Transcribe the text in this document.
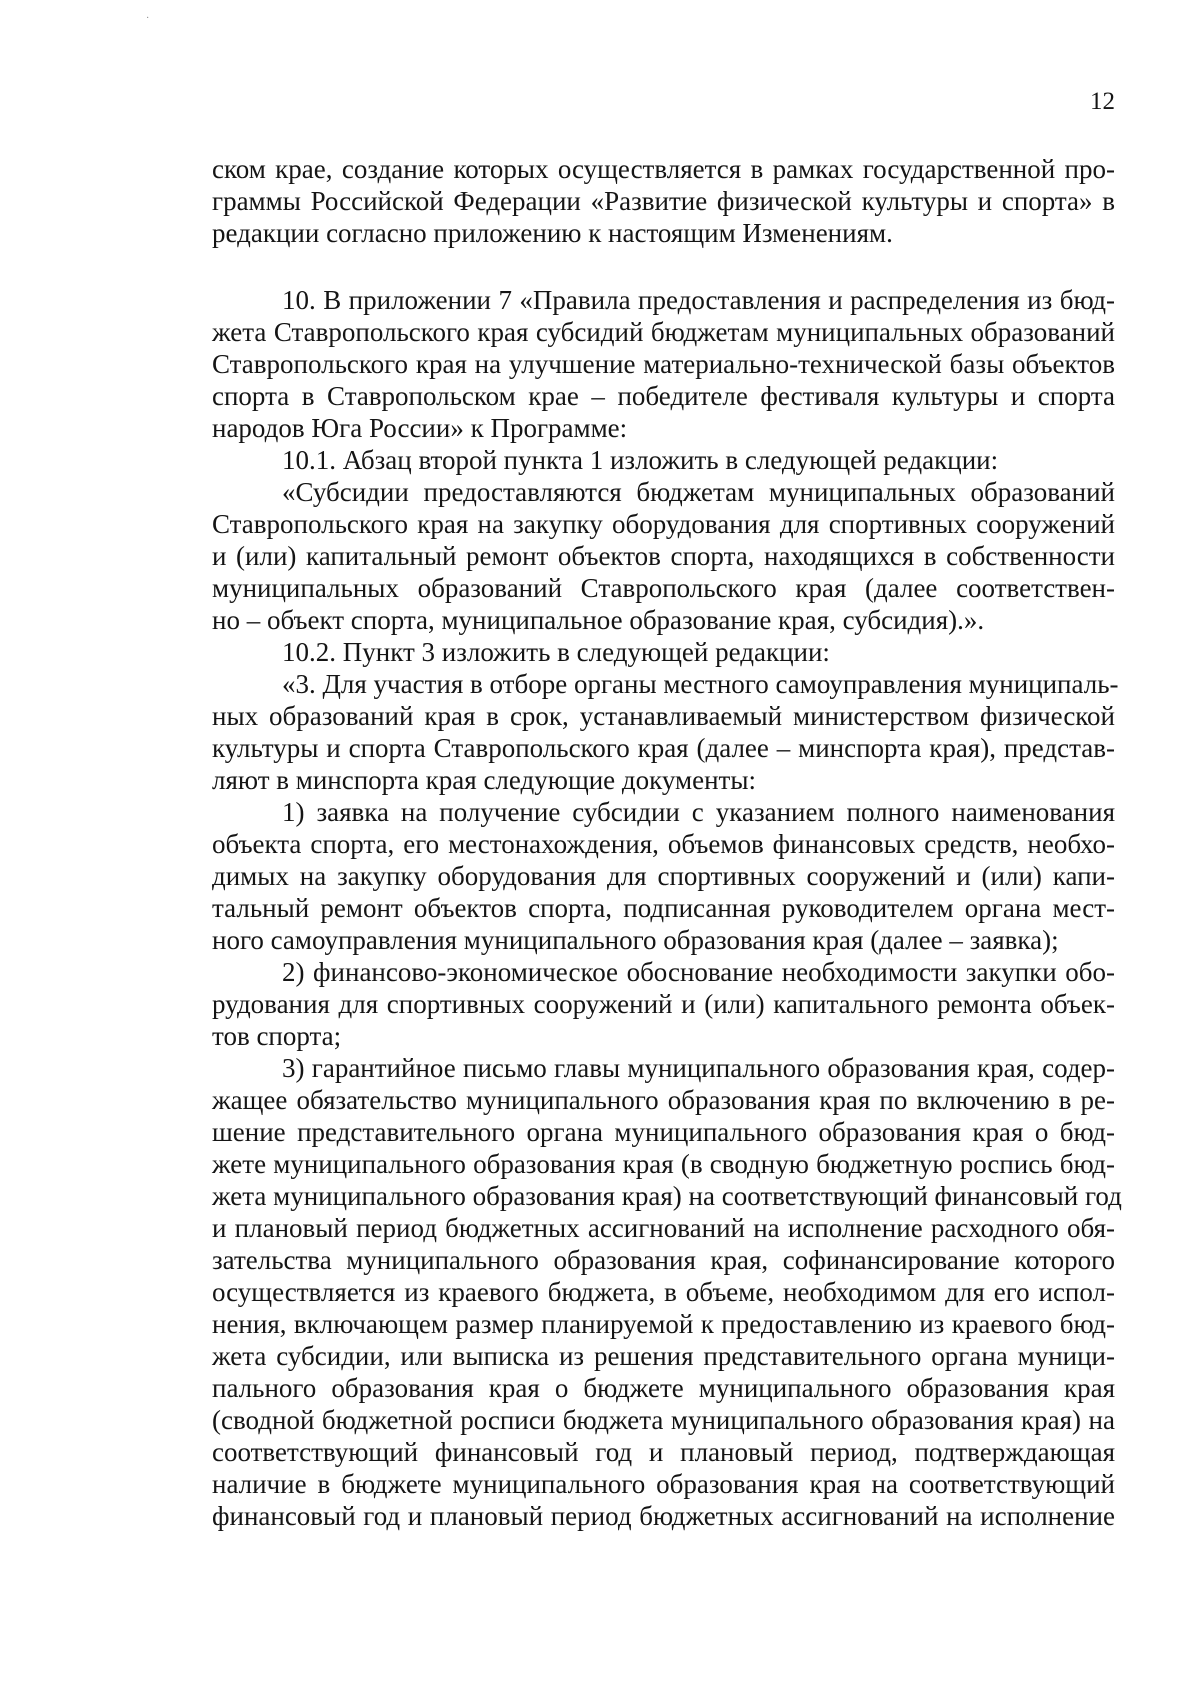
·
12
ском крае, создание которых осуществляется в рамках государственной про-
граммы Российской Федерации «Развитие физической культуры и спорта» в
редакции согласно приложению к настоящим Изменениям.
10. В приложении 7 «Правила предоставления и распределения из бюд-
жета Ставропольского края субсидий бюджетам муниципальных образований
Ставропольского края на улучшение материально-технической базы объектов
спорта в Ставропольском крае – победителе фестиваля культуры и спорта
народов Юга России» к Программе:
10.1. Абзац второй пункта 1 изложить в следующей редакции:
«Субсидии предоставляются бюджетам муниципальных образований
Ставропольского края на закупку оборудования для спортивных сооружений
и (или) капитальный ремонт объектов спорта, находящихся в собственности
муниципальных образований Ставропольского края (далее соответствен-
но – объект спорта, муниципальное образование края, субсидия).».
10.2. Пункт 3 изложить в следующей редакции:
«3. Для участия в отборе органы местного самоуправления муниципаль-
ных образований края в срок, устанавливаемый министерством физической
культуры и спорта Ставропольского края (далее – минспорта края), представ-
ляют в минспорта края следующие документы:
1) заявка на получение субсидии с указанием полного наименования
объекта спорта, его местонахождения, объемов финансовых средств, необхо-
димых на закупку оборудования для спортивных сооружений и (или) капи-
тальный ремонт объектов спорта, подписанная руководителем органа мест-
ного самоуправления муниципального образования края (далее – заявка);
2) финансово-экономическое обоснование необходимости закупки обо-
рудования для спортивных сооружений и (или) капитального ремонта объек-
тов спорта;
3) гарантийное письмо главы муниципального образования края, содер-
жащее обязательство муниципального образования края по включению в ре-
шение представительного органа муниципального образования края о бюд-
жете муниципального образования края (в сводную бюджетную роспись бюд-
жета муниципального образования края) на соответствующий финансовый год
и плановый период бюджетных ассигнований на исполнение расходного обя-
зательства муниципального образования края, софинансирование которого
осуществляется из краевого бюджета, в объеме, необходимом для его испол-
нения, включающем размер планируемой к предоставлению из краевого бюд-
жета субсидии, или выписка из решения представительного органа муници-
пального образования края о бюджете муниципального образования края
(сводной бюджетной росписи бюджета муниципального образования края) на
соответствующий финансовый год и плановый период, подтверждающая
наличие в бюджете муниципального образования края на соответствующий
финансовый год и плановый период бюджетных ассигнований на исполнение
